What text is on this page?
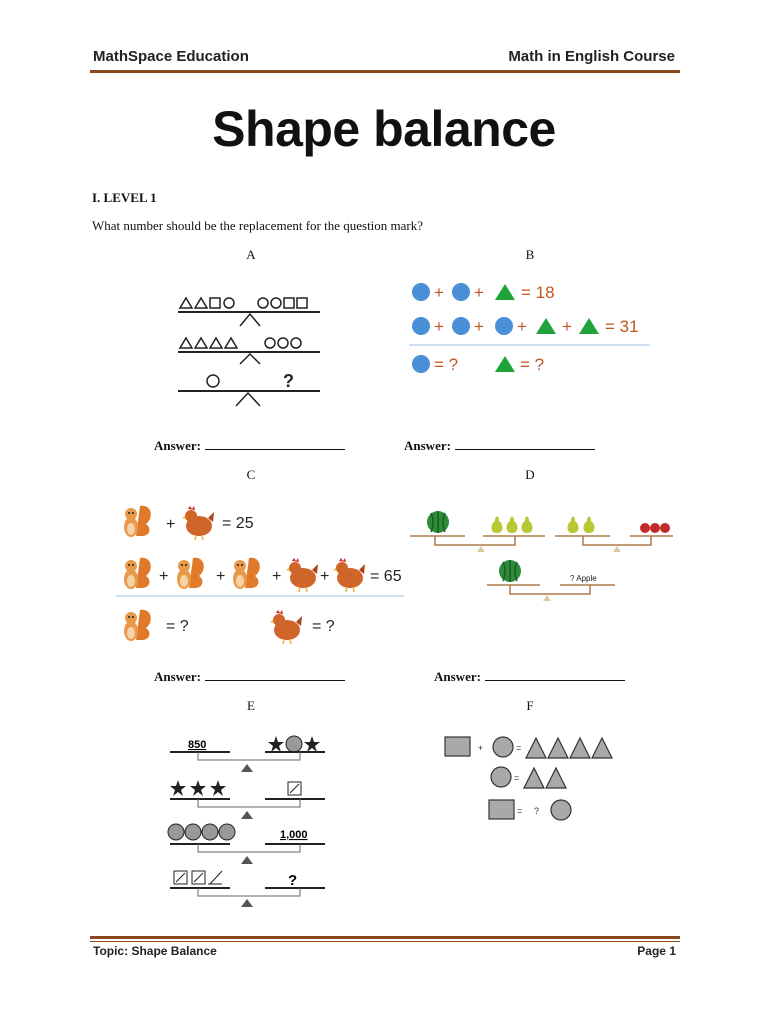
MathSpace Education	Math in English Course
Shape balance
I. LEVEL 1
What number should be the replacement for the question mark?
A
?
Answer:
B
+ + = 18
+ + + + = 31
= ?	= ?
Answer:
C
+	= 25
+	+	+ +	= 65
= ?	= ?
Answer:
D
? Apple
Answer:
E
850
1,000
?
F
+	=
=
= ?
Topic: Shape Balance	Page 1
